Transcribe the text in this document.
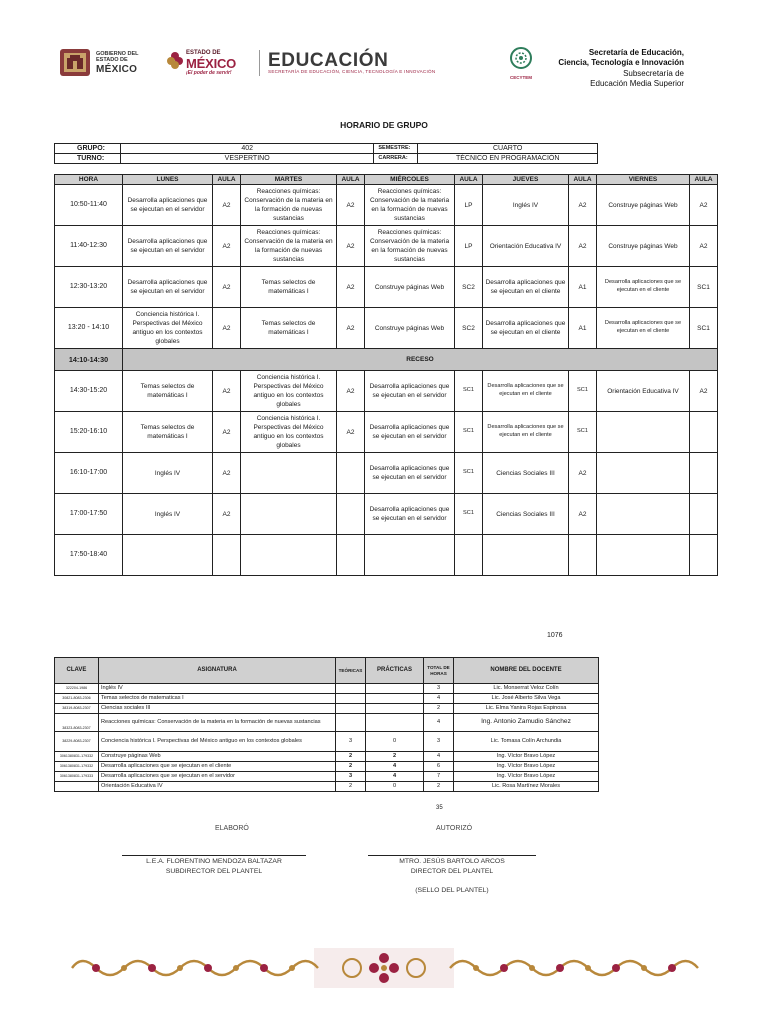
GOBIERNO DEL
ESTADO DE
MÉXICO
ESTADO DE
MÉXICO
¡El poder de servir!
EDUCACIÓN
SECRETARÍA DE EDUCACIÓN, CIENCIA, TECNOLOGÍA E INNOVACIÓN
CECYTEM
Secretaría de Educación,
Ciencia, Tecnología e Innovación
Subsecretaría de
Educación Media Superior
HORARIO DE GRUPO
GRUPO:	402	SEMESTRE:	CUARTO
TURNO:	VESPERTINO	CARRERA:	TÉCNICO EN PROGRAMACIÓN
HORA	LUNES	AULA	MARTES	AULA	MIÉRCOLES	AULA	JUEVES	AULA	VIERNES	AULA
10:50-11:40	Desarrolla aplicaciones que se ejecutan en el servidor	A2	Reacciones químicas: Conservación de la materia en la formación de nuevas sustancias	A2	Reacciones químicas: Conservación de la materia en la formación de nuevas sustancias	LP	Inglés IV	A2	Construye páginas Web	A2
11:40-12:30	Desarrolla aplicaciones que se ejecutan en el servidor	A2	Reacciones químicas: Conservación de la materia en la formación de nuevas sustancias	A2	Reacciones químicas: Conservación de la materia en la formación de nuevas sustancias	LP	Orientación Educativa IV	A2	Construye páginas Web	A2
12:30-13:20	Desarrolla aplicaciones que se ejecutan en el servidor	A2	Temas selectos de matemáticas I	A2	Construye páginas Web	SC2	Desarrolla aplicaciones que se ejecutan en el cliente	A1	Desarrolla aplicaciones que se ejecutan en el cliente	SC1
13:20 - 14:10	Conciencia histórica I. Perspectivas del México antiguo en los contextos globales	A2	Temas selectos de matemáticas I	A2	Construye páginas Web	SC2	Desarrolla aplicaciones que se ejecutan en el cliente	A1	Desarrolla aplicaciones que se ejecutan en el cliente	SC1
14:10-14:30	RECESO									
14:30-15:20	Temas selectos de matemáticas I	A2	Conciencia histórica I. Perspectivas del México antiguo en los contextos globales	A2	Desarrolla aplicaciones que se ejecutan en el servidor	SC1	Desarrolla aplicaciones que se ejecutan en el cliente	SC1	Orientación Educativa IV	A2
15:20-16:10	Temas selectos de matemáticas I	A2	Conciencia histórica I. Perspectivas del México antiguo en los contextos globales	A2	Desarrolla aplicaciones que se ejecutan en el servidor	SC1	Desarrolla aplicaciones que se ejecutan en el cliente	SC1		
16:10-17:00	Inglés IV	A2			Desarrolla aplicaciones que se ejecutan en el servidor	SC1	Ciencias Sociales III	A2		
17:00-17:50	Inglés IV	A2			Desarrolla aplicaciones que se ejecutan en el servidor	SC1	Ciencias Sociales III	A2		
17:50-18:40										
1076
CLAVE	ASIGNATURA	TEÓRICAS	PRÁCTICAS	TOTAL DE HORAS	NOMBRE DEL DOCENTE
322204-1986	Inglés IV			3	Lic. Monserrat Veloz Colín
30821-8083-2306	Temas selectos de matematicas I			4	Lic. José Alberto Silva Vega
38319-8083-2307	Ciencias sociales III			2	Lic. Elma Yanira Rojas Espinosa
38323-8083-2307	Reacciones químicas: Conservación de la materia en la formación de nuevas sustancias			4	Ing. Antonio Zamudio Sánchez
38229-8083-2307	Conciencia histórica I. Perspectivas del México antiguo en los contextos globales	3	0	3	Lic. Tomasa Colín Archundia
3061380831-179332	Construye páginas Web	2	2	4	Ing. Víctor Bravo López
3061380831-179332	Desarrolla aplicaciones que se ejecutan en el cliente	2	4	6	Ing. Víctor Bravo López
3061380831-179333	Desarrolla aplicaciones que se ejecutan en el servidor	3	4	7	Ing. Víctor Bravo López
	Orientación Educativa IV	2	0	2	Lic. Rosa Martínez Morales
35
ELABORÓ	AUTORIZÓ
L.E.A. FLORENTINO MENDOZA BALTAZAR
SUBDIRECTOR DEL PLANTEL
MTRO. JESÚS BARTOLO ARCOS
DIRECTOR DEL PLANTEL
(SELLO DEL PLANTEL)
